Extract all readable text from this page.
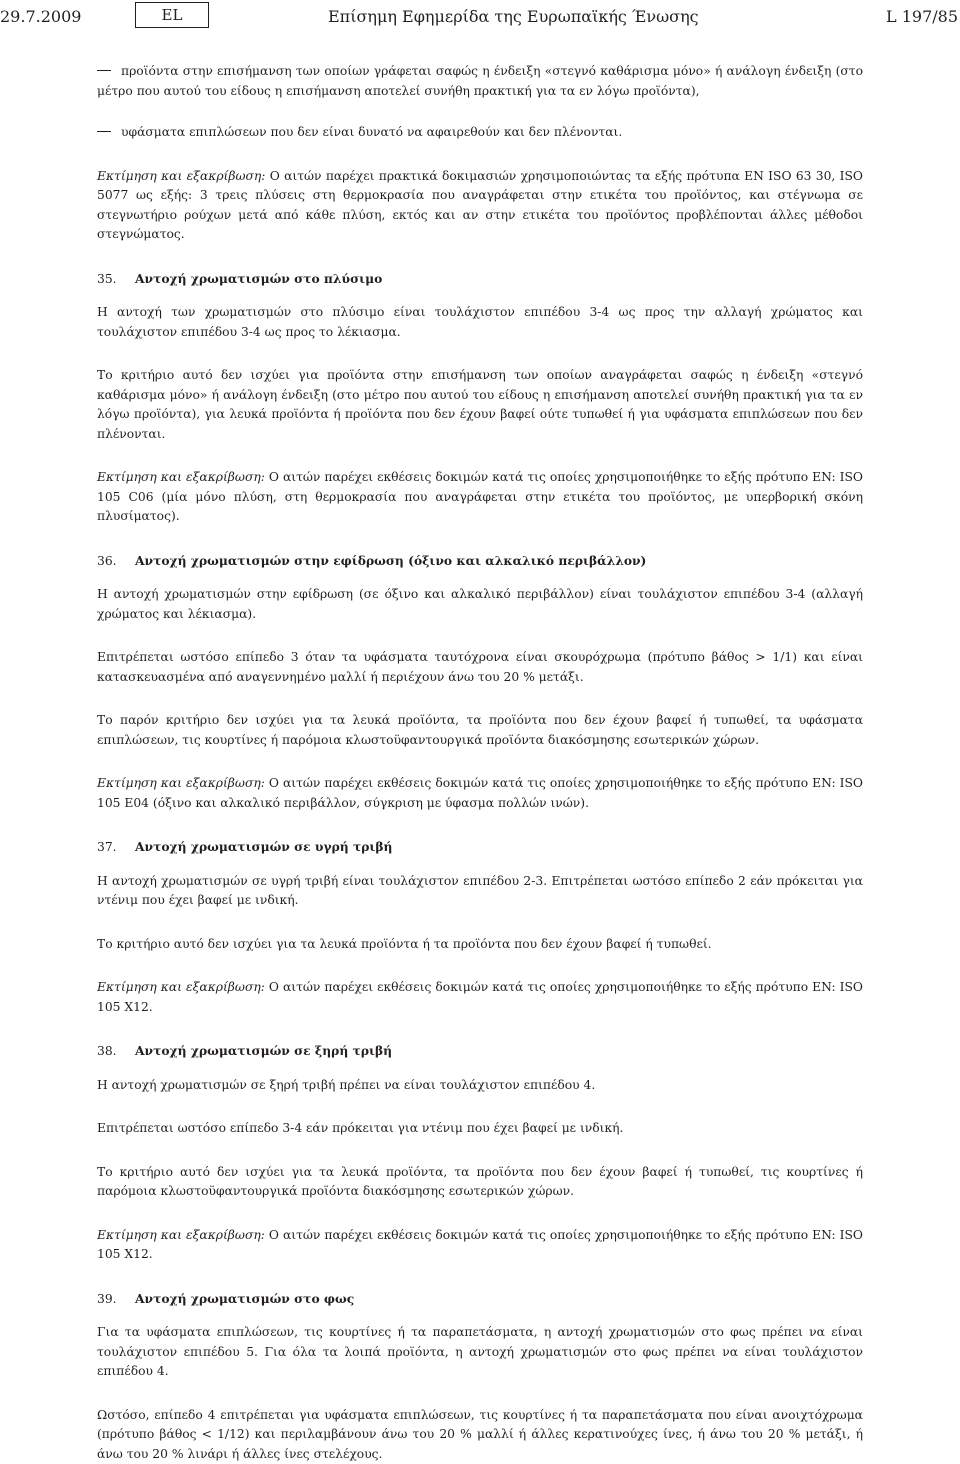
29.7.2009	EL	Επίσημη Εφημερίδα της Ευρωπαϊκής Ένωσης	L 197/85

προϊόντα στην επισήμανση των οποίων γράφεται σαφώς η ένδειξη «στεγνό καθάρισμα μόνο» ή ανάλογη ένδειξη (στο μέτρο που αυτού του είδους η επισήμανση αποτελεί συνήθη πρακτική για τα εν λόγω προϊόντα),

υφάσματα επιπλώσεων που δεν είναι δυνατό να αφαιρεθούν και δεν πλένονται.

Εκτίμηση και εξακρίβωση: Ο αιτών παρέχει πρακτικά δοκιμασιών χρησιμοποιώντας τα εξής πρότυπα EN ISO 63 30, ISO 5077 ως εξής: 3 τρεις πλύσεις στη θερμοκρασία που αναγράφεται στην ετικέτα του προϊόντος, και στέγνωμα σε στεγνωτήριο ρούχων μετά από κάθε πλύση, εκτός και αν στην ετικέτα του προϊόντος προβλέπονται άλλες μέθοδοι στεγνώματος.

35. Αντοχή χρωματισμών στο πλύσιμο

Η αντοχή των χρωματισμών στο πλύσιμο είναι τουλάχιστον επιπέδου 3-4 ως προς την αλλαγή χρώματος και τουλάχιστον επιπέδου 3-4 ως προς το λέκιασμα.

Το κριτήριο αυτό δεν ισχύει για προϊόντα στην επισήμανση των οποίων αναγράφεται σαφώς η ένδειξη «στεγνό καθάρισμα μόνο» ή ανάλογη ένδειξη (στο μέτρο που αυτού του είδους η επισήμανση αποτελεί συνήθη πρακτική για τα εν λόγω προϊόντα), για λευκά προϊόντα ή προϊόντα που δεν έχουν βαφεί ούτε τυπωθεί ή για υφάσματα επιπλώσεων που δεν πλένονται.

Εκτίμηση και εξακρίβωση: Ο αιτών παρέχει εκθέσεις δοκιμών κατά τις οποίες χρησιμοποιήθηκε το εξής πρότυπο EN: ISO 105 C06 (μία μόνο πλύση, στη θερμοκρασία που αναγράφεται στην ετικέτα του προϊόντος, με υπερβορική σκόνη πλυσίματος).

36. Αντοχή χρωματισμών στην εφίδρωση (όξινο και αλκαλικό περιβάλλον)

Η αντοχή χρωματισμών στην εφίδρωση (σε όξινο και αλκαλικό περιβάλλον) είναι τουλάχιστον επιπέδου 3-4 (αλλαγή χρώματος και λέκιασμα).

Επιτρέπεται ωστόσο επίπεδο 3 όταν τα υφάσματα ταυτόχρονα είναι σκουρόχρωμα (πρότυπο βάθος > 1/1) και είναι κατασκευασμένα από αναγεννημένο μαλλί ή περιέχουν άνω του 20 % μετάξι.

Το παρόν κριτήριο δεν ισχύει για τα λευκά προϊόντα, τα προϊόντα που δεν έχουν βαφεί ή τυπωθεί, τα υφάσματα επιπλώσεων, τις κουρτίνες ή παρόμοια κλωστοϋφαντουργικά προϊόντα διακόσμησης εσωτερικών χώρων.

Εκτίμηση και εξακρίβωση: Ο αιτών παρέχει εκθέσεις δοκιμών κατά τις οποίες χρησιμοποιήθηκε το εξής πρότυπο EN: ISO 105 E04 (όξινο και αλκαλικό περιβάλλον, σύγκριση με ύφασμα πολλών ινών).

37. Αντοχή χρωματισμών σε υγρή τριβή

Η αντοχή χρωματισμών σε υγρή τριβή είναι τουλάχιστον επιπέδου 2-3. Επιτρέπεται ωστόσο επίπεδο 2 εάν πρόκειται για ντένιμ που έχει βαφεί με ινδική.

Το κριτήριο αυτό δεν ισχύει για τα λευκά προϊόντα ή τα προϊόντα που δεν έχουν βαφεί ή τυπωθεί.

Εκτίμηση και εξακρίβωση: Ο αιτών παρέχει εκθέσεις δοκιμών κατά τις οποίες χρησιμοποιήθηκε το εξής πρότυπο EN: ISO 105 X12.

38. Αντοχή χρωματισμών σε ξηρή τριβή

Η αντοχή χρωματισμών σε ξηρή τριβή πρέπει να είναι τουλάχιστον επιπέδου 4.

Επιτρέπεται ωστόσο επίπεδο 3-4 εάν πρόκειται για ντένιμ που έχει βαφεί με ινδική.

Το κριτήριο αυτό δεν ισχύει για τα λευκά προϊόντα, τα προϊόντα που δεν έχουν βαφεί ή τυπωθεί, τις κουρτίνες ή παρόμοια κλωστοϋφαντουργικά προϊόντα διακόσμησης εσωτερικών χώρων.

Εκτίμηση και εξακρίβωση: Ο αιτών παρέχει εκθέσεις δοκιμών κατά τις οποίες χρησιμοποιήθηκε το εξής πρότυπο EN: ISO 105 X12.

39. Αντοχή χρωματισμών στο φως

Για τα υφάσματα επιπλώσεων, τις κουρτίνες ή τα παραπετάσματα, η αντοχή χρωματισμών στο φως πρέπει να είναι τουλάχιστον επιπέδου 5. Για όλα τα λοιπά προϊόντα, η αντοχή χρωματισμών στο φως πρέπει να είναι τουλάχιστον επιπέδου 4.

Ωστόσο, επίπεδο 4 επιτρέπεται για υφάσματα επιπλώσεων, τις κουρτίνες ή τα παραπετάσματα που είναι ανοιχτόχρωμα (πρότυπο βάθος < 1/12) και περιλαμβάνουν άνω του 20 % μαλλί ή άλλες κερατινούχες ίνες, ή άνω του 20 % μετάξι, ή άνω του 20 % λινάρι ή άλλες ίνες στελέχους.
